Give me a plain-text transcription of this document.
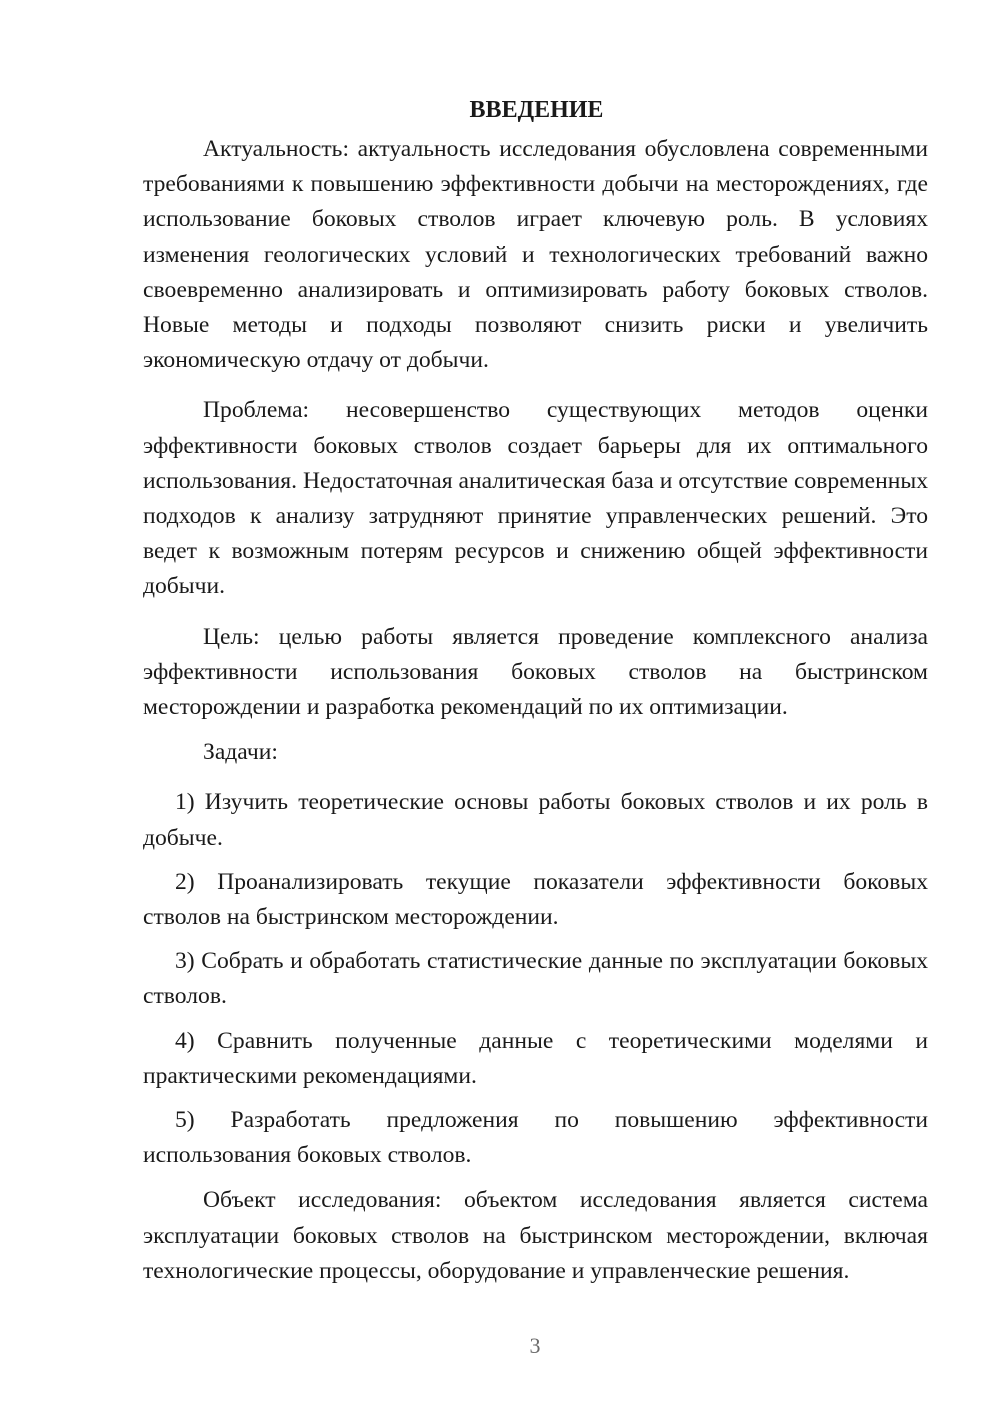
ВВЕДЕНИЕ

Актуальность: актуальность исследования обусловлена современными требованиями к повышению эффективности добычи на месторождениях, где использование боковых стволов играет ключевую роль. В условиях изменения геологических условий и технологических требований важно своевременно анализировать и оптимизировать работу боковых стволов. Новые методы и подходы позволяют снизить риски и увеличить экономическую отдачу от добычи.

Проблема: несовершенство существующих методов оценки эффективности боковых стволов создает барьеры для их оптимального использования. Недостаточная аналитическая база и отсутствие современных подходов к анализу затрудняют принятие управленческих решений. Это ведет к возможным потерям ресурсов и снижению общей эффективности добычи.

Цель: целью работы является проведение комплексного анализа эффективности использования боковых стволов на быстринском месторождении и разработка рекомендаций по их оптимизации.

Задачи:

1) Изучить теоретические основы работы боковых стволов и их роль в добыче.

2) Проанализировать текущие показатели эффективности боковых стволов на быстринском месторождении.

3) Собрать и обработать статистические данные по эксплуатации боковых стволов.

4) Сравнить полученные данные с теоретическими моделями и практическими рекомендациями.

5) Разработать предложения по повышению эффективности использования боковых стволов.

Объект исследования: объектом исследования является система эксплуатации боковых стволов на быстринском месторождении, включая технологические процессы, оборудование и управленческие решения.

3
